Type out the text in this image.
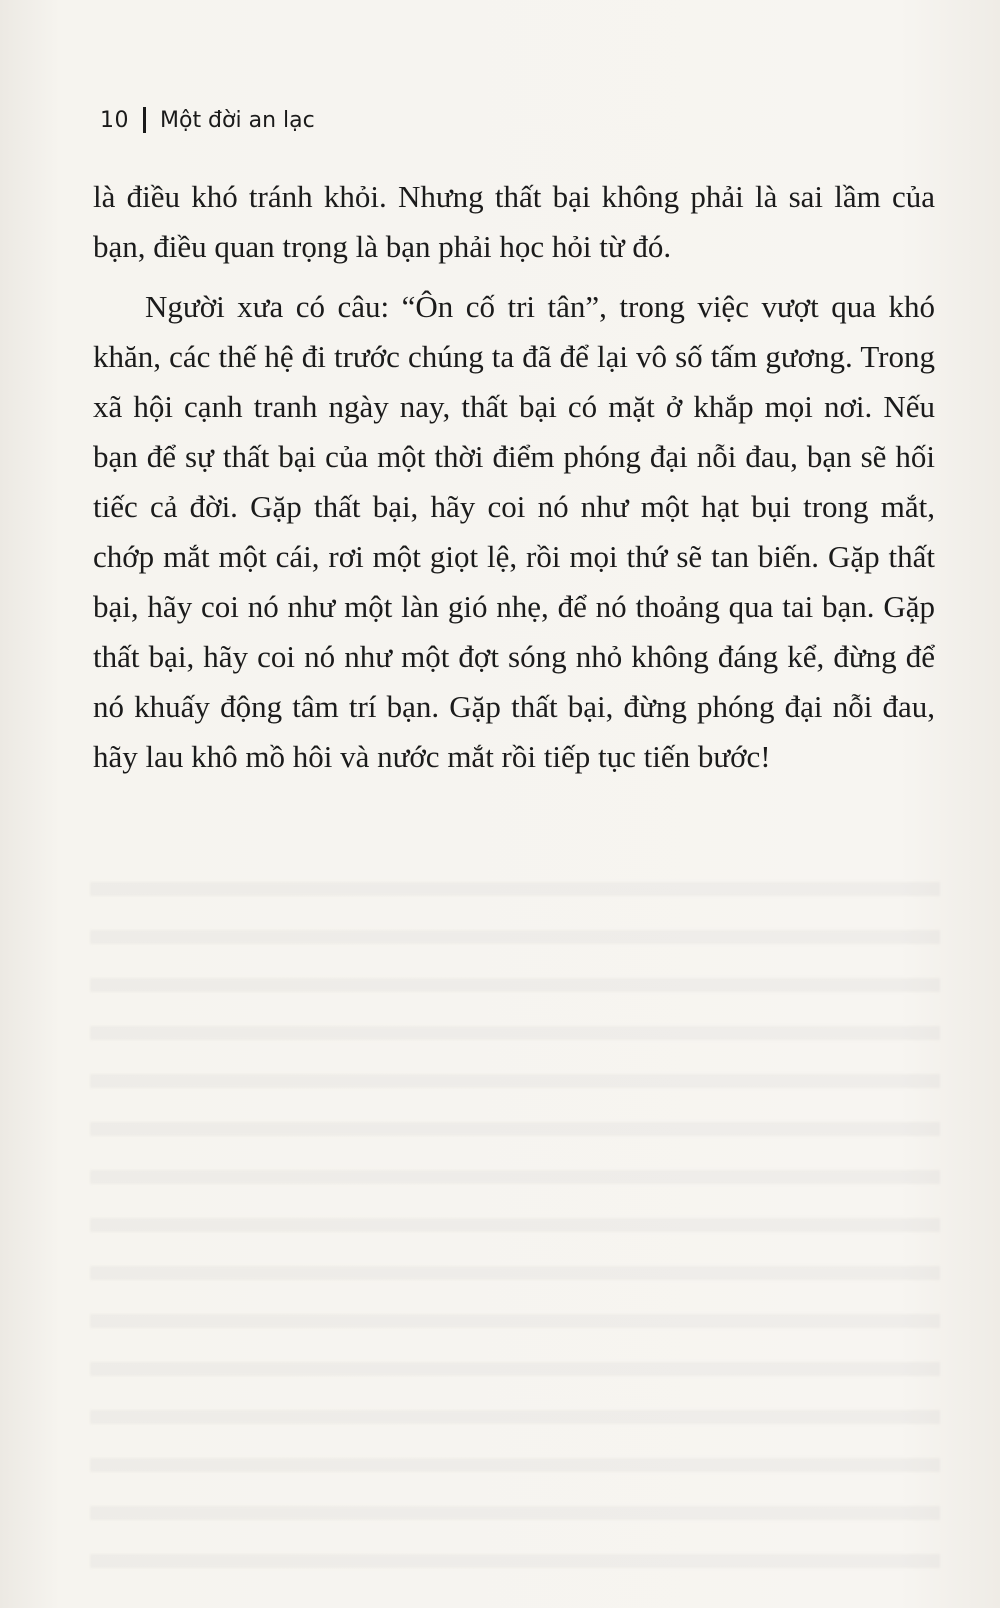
10 Một đời an lạc

là điều khó tránh khỏi. Nhưng thất bại không phải là sai lầm của bạn, điều quan trọng là bạn phải học hỏi từ đó.

Người xưa có câu: “Ôn cố tri tân”, trong việc vượt qua khó khăn, các thế hệ đi trước chúng ta đã để lại vô số tấm gương. Trong xã hội cạnh tranh ngày nay, thất bại có mặt ở khắp mọi nơi. Nếu bạn để sự thất bại của một thời điểm phóng đại nỗi đau, bạn sẽ hối tiếc cả đời. Gặp thất bại, hãy coi nó như một hạt bụi trong mắt, chớp mắt một cái, rơi một giọt lệ, rồi mọi thứ sẽ tan biến. Gặp thất bại, hãy coi nó như một làn gió nhẹ, để nó thoảng qua tai bạn. Gặp thất bại, hãy coi nó như một đợt sóng nhỏ không đáng kể, đừng để nó khuấy động tâm trí bạn. Gặp thất bại, đừng phóng đại nỗi đau, hãy lau khô mồ hôi và nước mắt rồi tiếp tục tiến bước!
